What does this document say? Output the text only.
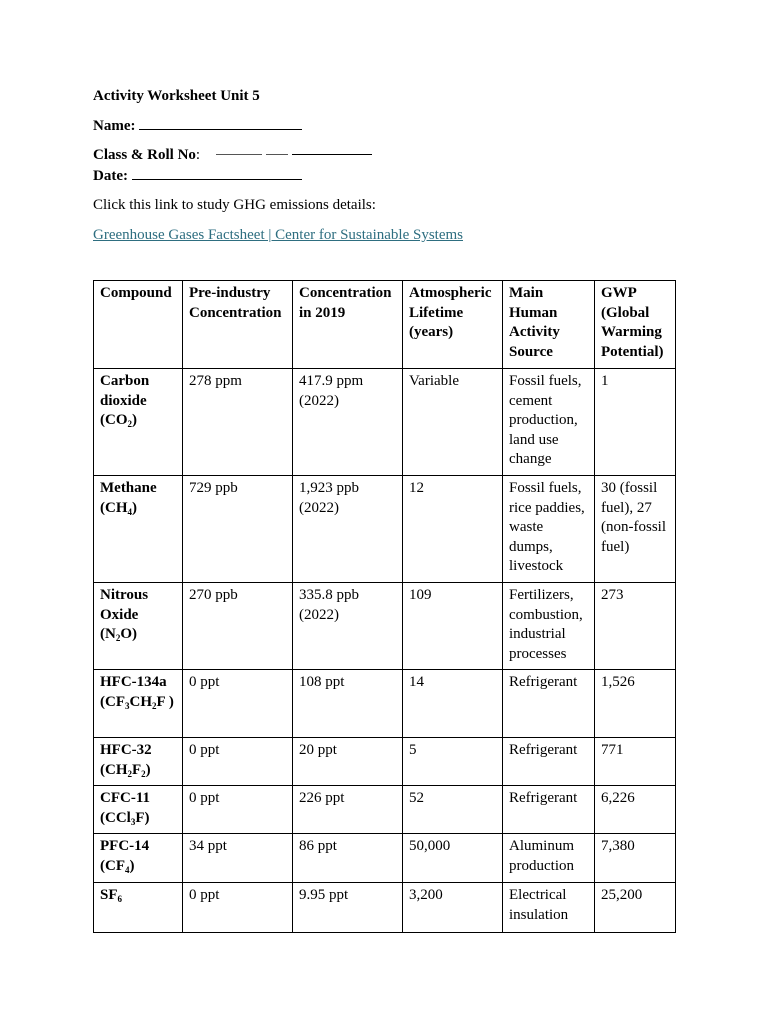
Activity Worksheet Unit 5
Name:
Class & Roll No:
Date:
Click this link to study GHG emissions details:
Greenhouse Gases Factsheet | Center for Sustainable Systems
Compound	Pre-industry Concentration	Concentration in 2019	Atmospheric Lifetime (years)	Main Human Activity Source	GWP (Global Warming Potential)
Carbon dioxide $(CO_2)$	278 ppm	417.9 ppm (2022)	Variable	Fossil fuels, cement production, land use change	1
Methane $(CH_4)$	729 ppb	1,923 ppb (2022)	12	Fossil fuels, rice paddies, waste dumps, livestock	30 (fossil fuel), 27 (non-fossil fuel)
Nitrous Oxide $(N_2O)$	270 ppb	335.8 ppb (2022)	109	Fertilizers, combustion, industrial processes	273
HFC-134a ($CF_3CH_2F$ )	0 ppt	108 ppt	14	Refrigerant	1,526
HFC-32 $(CH_2F_2)$	0 ppt	20 ppt	5	Refrigerant	771
CFC-11 (CCl$_3$F)	0 ppt	226 ppt	52	Refrigerant	6,226
PFC-14 $(CF_4)$	34 ppt	86 ppt	50,000	Aluminum production	7,380
$SF_6$	0 ppt	9.95 ppt	3,200	Electrical insulation	25,200
